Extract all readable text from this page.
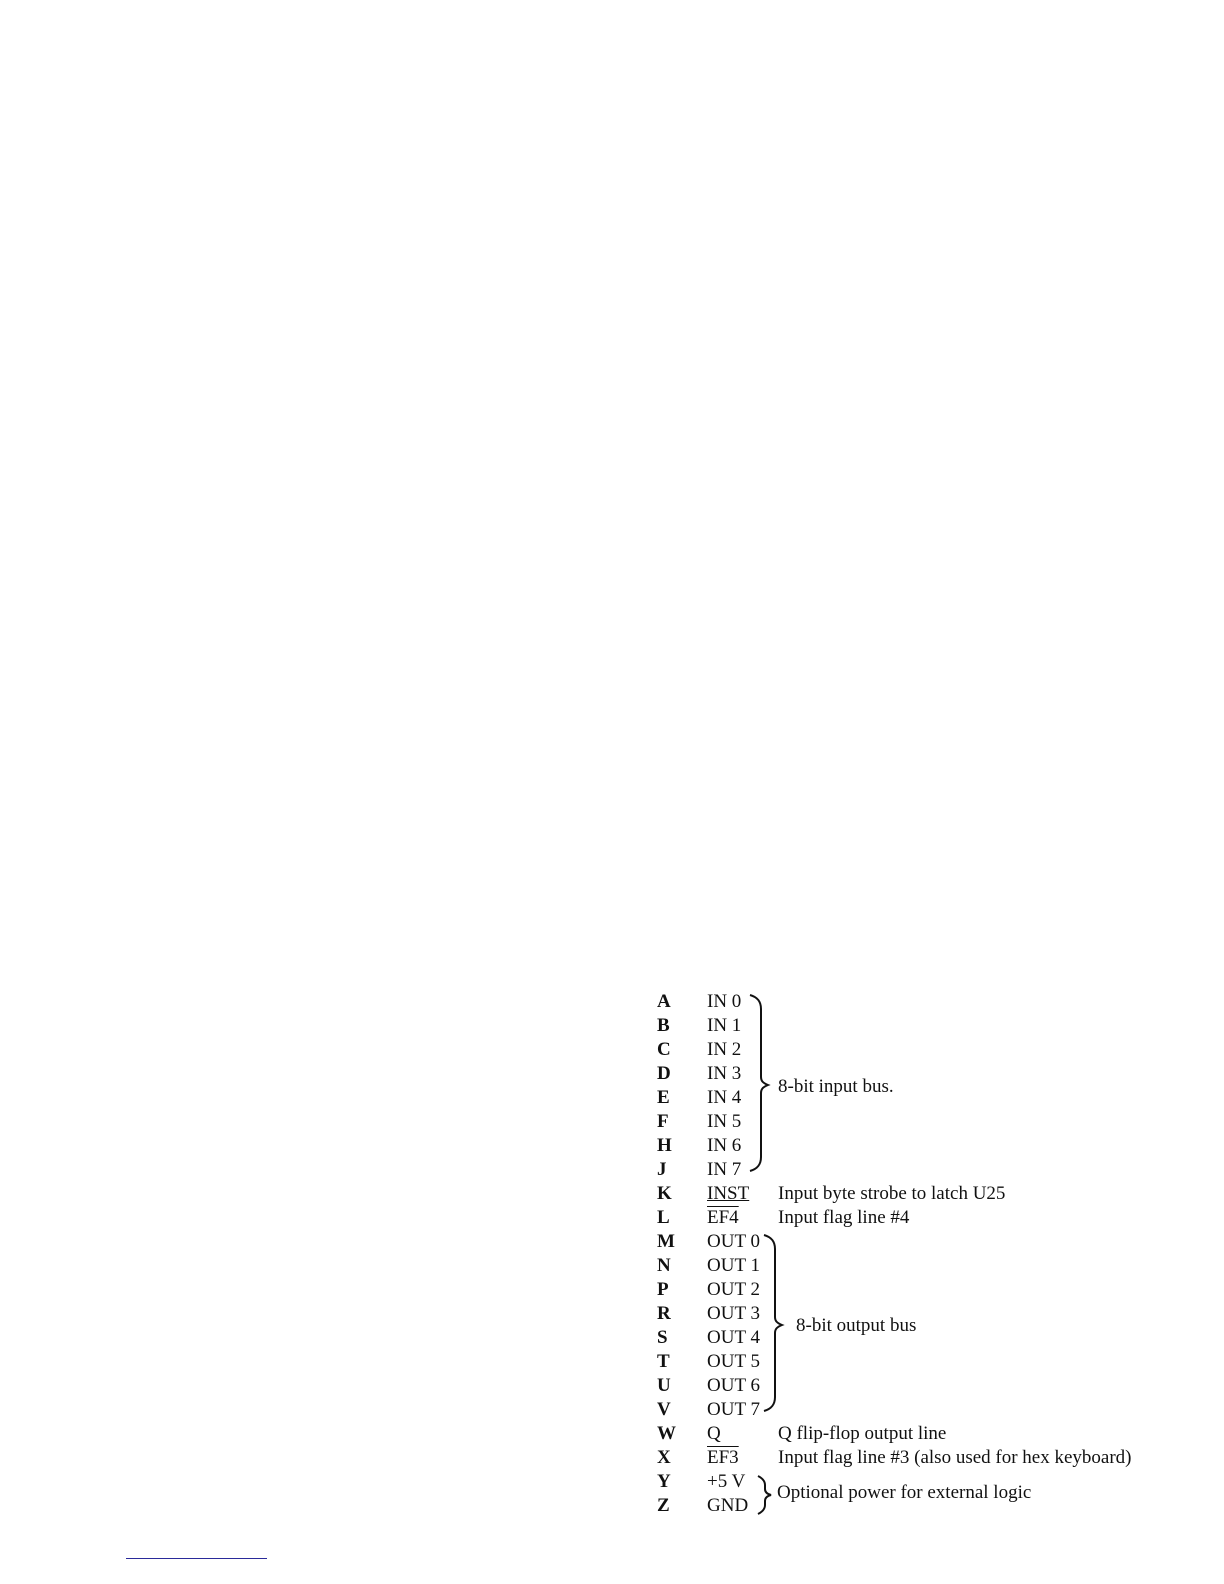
A IN 0
B IN 1
C IN 2
D IN 3
E IN 4
F IN 5
H IN 6
J IN 7
K INST Input byte strobe to latch U25
L EF4 Input flag line #4
M OUT 0
N OUT 1
P OUT 2
R OUT 3
S OUT 4
T OUT 5
U OUT 6
V OUT 7
W Q	Q flip-flop output line
X EF3 Input flag line #3 (also used for hex keyboard)
Y +5 V
Z GND
8-bit input bus.
8-bit output bus
Optional power for external logic
